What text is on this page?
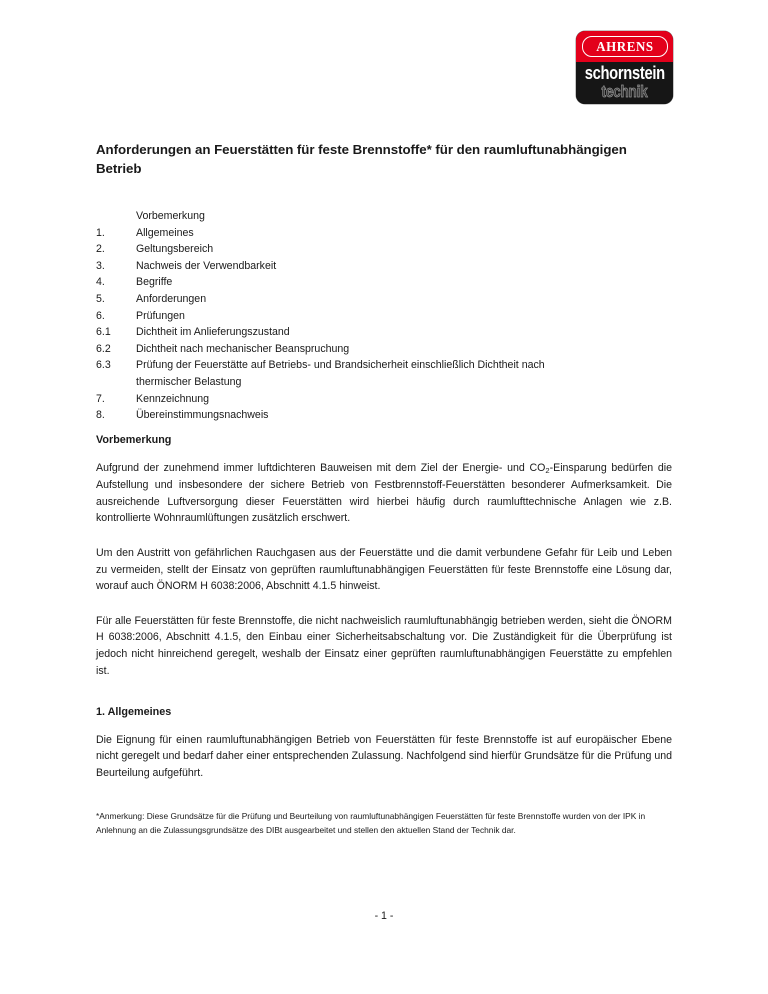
AHRENS
schornstein
technik
Anforderungen an Feuerstätten für feste Brennstoffe* für den raumluftunabhängigen Betrieb
Vorbemerkung
1.	Allgemeines
2.	Geltungsbereich
3.	Nachweis der Verwendbarkeit
4.	Begriffe
5.	Anforderungen
6.	Prüfungen
6.1	Dichtheit im Anlieferungszustand
6.2	Dichtheit nach mechanischer Beanspruchung
6.3	Prüfung der Feuerstätte auf Betriebs- und Brandsicherheit einschließlich Dichtheit nach
thermischer Belastung
7.	Kennzeichnung
8.	Übereinstimmungsnachweis
Vorbemerkung

Aufgrund der zunehmend immer luftdichteren Bauweisen mit dem Ziel der Energie- und $CO_2$-Einsparung bedürfen die Aufstellung und insbesondere der sichere Betrieb von Festbrennstoff-Feuerstätten besonderer Aufmerksamkeit. Die ausreichende Luftversorgung dieser Feuerstätten wird hierbei häufig durch raumlufttechnische Anlagen wie z.B. kontrollierte Wohnraumlüftungen zusätzlich erschwert.

Um den Austritt von gefährlichen Rauchgasen aus der Feuerstätte und die damit verbundene Gefahr für Leib und Leben zu vermeiden, stellt der Einsatz von geprüften raumluftunabhängigen Feuerstätten für feste Brennstoffe eine Lösung dar, worauf auch ÖNORM H 6038:2006, Abschnitt 4.1.5 hinweist.

Für alle Feuerstätten für feste Brennstoffe, die nicht nachweislich raumluftunabhängig betrieben werden, sieht die ÖNORM H 6038:2006, Abschnitt 4.1.5, den Einbau einer Sicherheitsabschaltung vor. Die Zuständigkeit für die Überprüfung ist jedoch nicht hinreichend geregelt, weshalb der Einsatz einer geprüften raumluftunabhängigen Feuerstätte zu empfehlen ist.

1. Allgemeines

Die Eignung für einen raumluftunabhängigen Betrieb von Feuerstätten für feste Brennstoffe ist auf europäischer Ebene nicht geregelt und bedarf daher einer entsprechenden Zulassung. Nachfolgend sind hierfür Grundsätze für die Prüfung und Beurteilung aufgeführt.

*Anmerkung: Diese Grundsätze für die Prüfung und Beurteilung von raumluftunabhängigen Feuerstätten für feste Brennstoffe wurden von der IPK in Anlehnung an die Zulassungsgrundsätze des DIBt ausgearbeitet und stellen den aktuellen Stand der Technik dar.
- 1 -
